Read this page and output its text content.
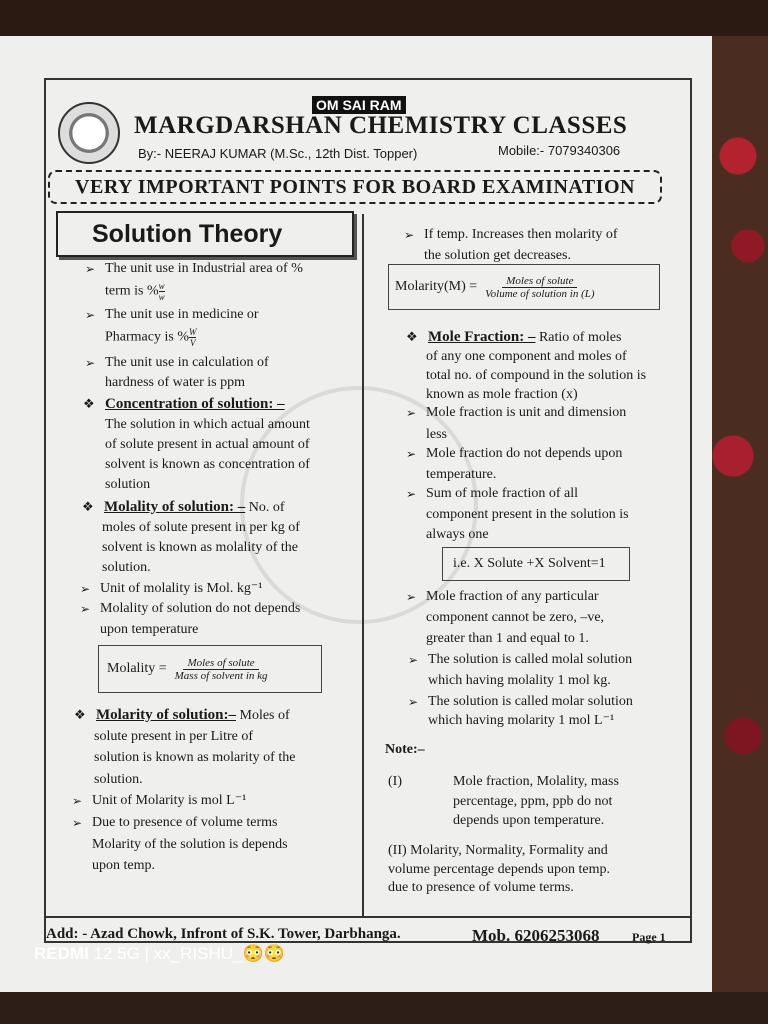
OM SAI RAM
MARGDARSHAN CHEMISTRY CLASSES
By:- NEERAJ KUMAR (M.Sc., 12th Dist. Topper)	Mobile:- 7079340306
VERY IMPORTANT POINTS FOR BOARD EXAMINATION
Solution Theory
➢ The unit use in Industrial area of %
term is % $\frac{w}{w}$
➢ The unit use in medicine or
Pharmacy is % $\frac{W}{V}$
➢ The unit use in calculation of
hardness of water is ppm
❖ Concentration of solution: –
The solution in which actual amount
of solute present in actual amount of
solvent is known as concentration of
solution
❖ Molality of solution: – No. of
moles of solute present in per kg of
solvent is known as molality of the
solution.
➢ Unit of molality is Mol. kg⁻¹
➢ Molality of solution do not depends
upon temperature
Molality = $\frac{\text{Moles of solute}}{\text{Mass of solvent in kg}}$
❖ Molarity of solution:– Moles of
solute present in per Litre of
solution is known as molarity of the
solution.
➢ Unit of Molarity is mol L⁻¹
➢ Due to presence of volume terms
Molarity of the solution is depends
upon temp.
➢ If temp. Increases then molarity of
the solution get decreases.
Molarity(M) = $\frac{\text{Moles of solute}}{\text{Volume of solution in (L)}}$
❖ Mole Fraction: – Ratio of moles
of any one component and moles of
total no. of compound in the solution is
known as mole fraction (x)
➢ Mole fraction is unit and dimension
less
➢ Mole fraction do not depends upon
temperature.
➢ Sum of mole fraction of all
component present in the solution is
always one
i.e. X Solute +X Solvent=1
➢ Mole fraction of any particular
component cannot be zero, –ve,
greater than 1 and equal to 1.
➢ The solution is called molal solution
which having molality 1 mol kg.
➢ The solution is called molar solution
which having molarity 1 mol L⁻¹
Note:–
(I)	Mole fraction, Molality, mass
percentage, ppm, ppb do not
depends upon temperature.
(II) Molarity, Normality, Formality and
volume percentage depends upon temp.
due to presence of volume terms.
Add: - Azad Chowk, Infront of S.K. Tower, Darbhanga.	Mob. 6206253068	Page 1
REDMI 12 5G | хх_RISHU_😳😳
